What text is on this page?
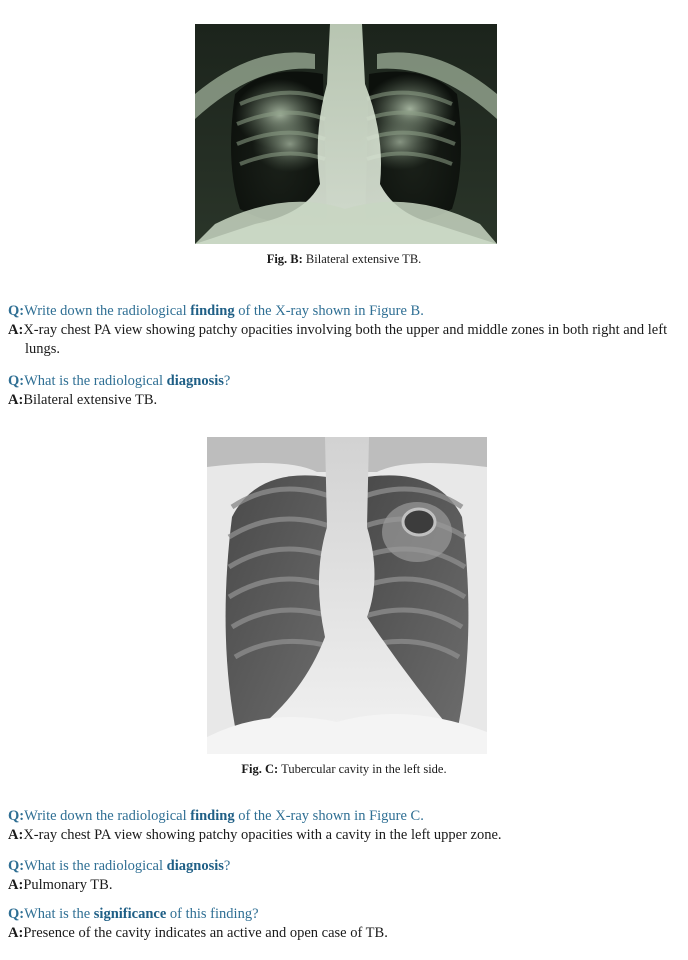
Fig. B: Bilateral extensive TB.
Q:Write down the radiological finding of the X-ray shown in Figure B.
A:X-ray chest PA view showing patchy opacities involving both the upper and middle zones in both right and left lungs.
Q:What is the radiological diagnosis?
A:Bilateral extensive TB.
Fig. C: Tubercular cavity in the left side.
Q:Write down the radiological finding of the X-ray shown in Figure C.
A:X-ray chest PA view showing patchy opacities with a cavity in the left upper zone.
Q:What is the radiological diagnosis?
A:Pulmonary TB.
Q:What is the significance of this finding?
A:Presence of the cavity indicates an active and open case of TB.
